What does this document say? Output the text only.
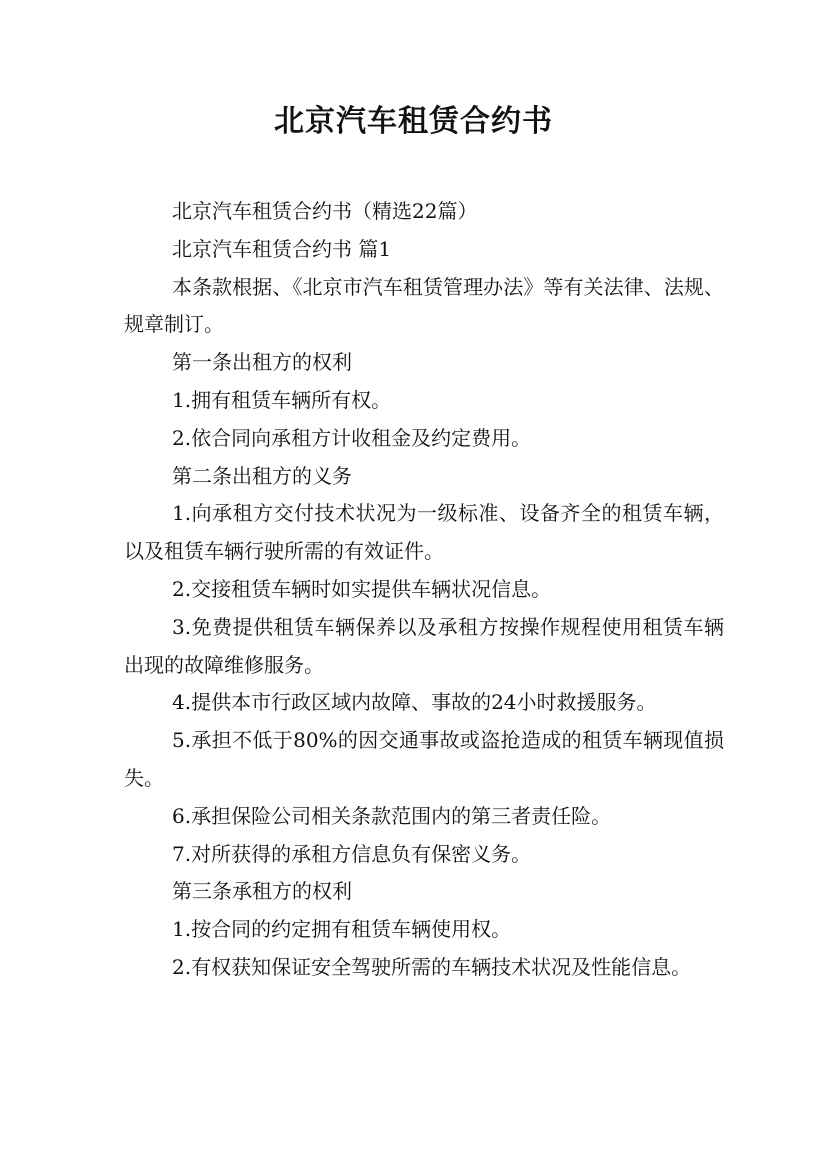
北京汽车租赁合约书

北京汽车租赁合约书（精选22篇）

北京汽车租赁合约书 篇1

本条款根据、《北京市汽车租赁管理办法》等有关法律、法规、规章制订。

第一条出租方的权利

1.拥有租赁车辆所有权。

2.依合同向承租方计收租金及约定费用。

第二条出租方的义务

1.向承租方交付技术状况为一级标准、设备齐全的租赁车辆，以及租赁车辆行驶所需的有效证件。

2.交接租赁车辆时如实提供车辆状况信息。

3.免费提供租赁车辆保养以及承租方按操作规程使用租赁车辆出现的故障维修服务。

4.提供本市行政区域内故障、事故的24小时救援服务。

5.承担不低于80%的因交通事故或盗抢造成的租赁车辆现值损失。

6.承担保险公司相关条款范围内的第三者责任险。

7.对所获得的承租方信息负有保密义务。

第三条承租方的权利

1.按合同的约定拥有租赁车辆使用权。

2.有权获知保证安全驾驶所需的车辆技术状况及性能信息。
